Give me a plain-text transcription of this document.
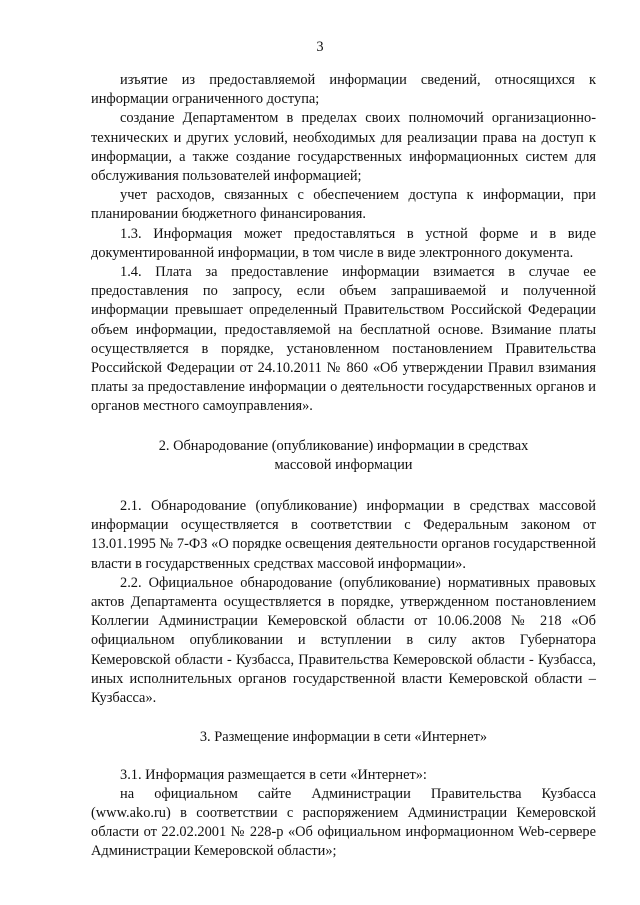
3

изъятие из предоставляемой информации сведений, относящихся к информации ограниченного доступа;

создание Департаментом в пределах своих полномочий организационно-технических и других условий, необходимых для реализации права на доступ к информации, а также создание государственных информационных систем для обслуживания пользователей информацией;

учет расходов, связанных с обеспечением доступа к информации, при планировании бюджетного финансирования.

1.3. Информация может предоставляться в устной форме и в виде документированной информации, в том числе в виде электронного документа.

1.4. Плата за предоставление информации взимается в случае ее предоставления по запросу, если объем запрашиваемой и полученной информации превышает определенный Правительством Российской Федерации объем информации, предоставляемой на бесплатной основе. Взимание платы осуществляется в порядке, установленном постановлением Правительства Российской Федерации от 24.10.2011 № 860 «Об утверждении Правил взимания платы за предоставление информации о деятельности государственных органов и органов местного самоуправления».

2. Обнародование (опубликование) информации в средствах

массовой информации

2.1. Обнародование (опубликование) информации в средствах массовой информации осуществляется в соответствии с Федеральным законом от 13.01.1995 № 7-ФЗ «О порядке освещения деятельности органов государственной власти в государственных средствах массовой информации».

2.2. Официальное обнародование (опубликование) нормативных правовых актов Департамента осуществляется в порядке, утвержденном постановлением Коллегии Администрации Кемеровской области от 10.06.2008 № 218 «Об официальном опубликовании и вступлении в силу актов Губернатора Кемеровской области - Кузбасса, Правительства Кемеровской области - Кузбасса, иных исполнительных органов государственной власти Кемеровской области – Кузбасса».

3. Размещение информации в сети «Интернет»

3.1. Информация размещается в сети «Интернет»:

на официальном сайте Администрации Правительства Кузбасса (www.ako.ru) в соответствии с распоряжением Администрации Кемеровской области от 22.02.2001 № 228-р «Об официальном информационном Web-сервере Администрации Кемеровской области»;
